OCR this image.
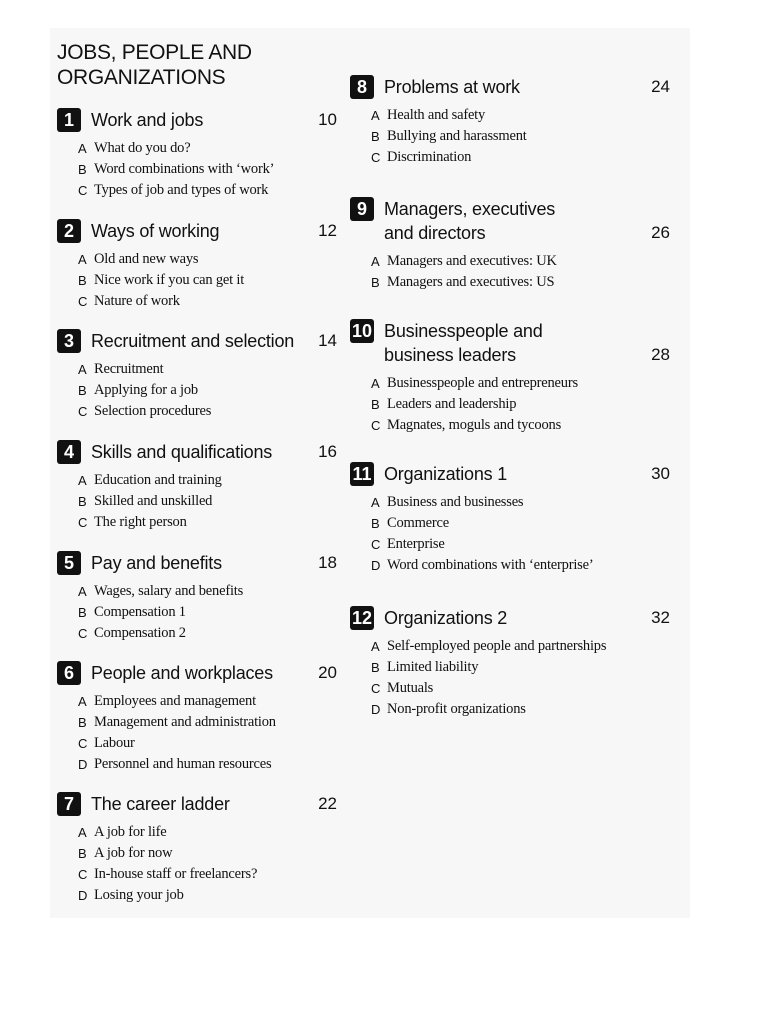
JOBS, PEOPLE AND
ORGANIZATIONS
1 Work and jobs	10
A What do you do?
B Word combinations with ‘work’
C Types of job and types of work
2 Ways of working	12
A Old and new ways
B Nice work if you can get it
C Nature of work
3 Recruitment and selection	14
A Recruitment
B Applying for a job
C Selection procedures
4 Skills and qualifications	16
A Education and training
B Skilled and unskilled
C The right person
5 Pay and benefits	18
A Wages, salary and benefits
B Compensation 1
C Compensation 2
6 People and workplaces	20
A Employees and management
B Management and administration
C Labour
D Personnel and human resources
7 The career ladder	22
A A job for life
B A job for now
C In-house staff or freelancers?
D Losing your job
8 Problems at work	24
A Health and safety
B Bullying and harassment
C Discrimination
9 Managers, executives
and directors	26
A Managers and executives: UK
B Managers and executives: US
10 Businesspeople and
business leaders	28
A Businesspeople and entrepreneurs
B Leaders and leadership
C Magnates, moguls and tycoons
11 Organizations 1	30
A Business and businesses
B Commerce
C Enterprise
D Word combinations with ‘enterprise’
12 Organizations 2	32
A Self-employed people and partnerships
B Limited liability
C Mutuals
D Non-profit organizations
